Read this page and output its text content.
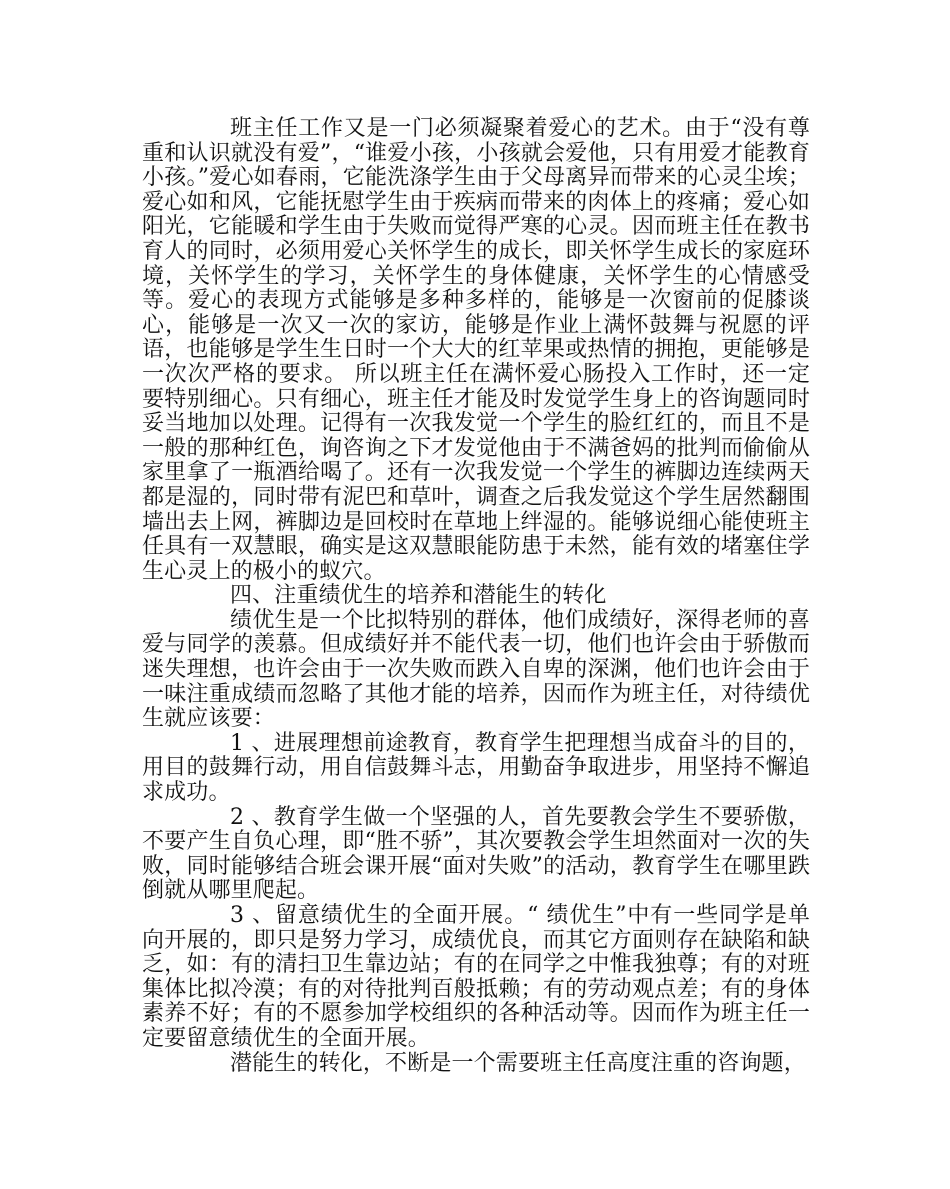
班主任工作又是一门必须凝聚着爱心的艺术。由于“没有尊重和认识就没有爱”，“谁爱小孩，小孩就会爱他，只有用爱才能教育小孩。”爱心如春雨，它能洗涤学生由于父母离异而带来的心灵尘埃；爱心如和风，它能抚慰学生由于疾病而带来的肉体上的疼痛；爱心如阳光，它能暖和学生由于失败而觉得严寒的心灵。因而班主任在教书育人的同时，必须用爱心关怀学生的成长，即关怀学生成长的家庭环境，关怀学生的学习，关怀学生的身体健康，关怀学生的心情感受等。爱心的表现方式能够是多种多样的，能够是一次窗前的促膝谈心，能够是一次又一次的家访，能够是作业上满怀鼓舞与祝愿的评语，也能够是学生生日时一个大大的红苹果或热情的拥抱，更能够是一次次严格的要求。 所以班主任在满怀爱心肠投入工作时，还一定要特别细心。只有细心，班主任才能及时发觉学生身上的咨询题同时妥当地加以处理。记得有一次我发觉一个学生的脸红红的，而且不是一般的那种红色，询咨询之下才发觉他由于不满爸妈的批判而偷偷从家里拿了一瓶酒给喝了。还有一次我发觉一个学生的裤脚边连续两天都是湿的，同时带有泥巴和草叶，调查之后我发觉这个学生居然翻围墙出去上网，裤脚边是回校时在草地上绊湿的。能够说细心能使班主任具有一双慧眼，确实是这双慧眼能防患于未然，能有效的堵塞住学生心灵上的极小的蚁穴。

四、注重绩优生的培养和潜能生的转化

绩优生是一个比拟特别的群体，他们成绩好，深得老师的喜爱与同学的羡慕。但成绩好并不能代表一切，他们也许会由于骄傲而迷失理想，也许会由于一次失败而跌入自卑的深渊，他们也许会由于一味注重成绩而忽略了其他才能的培养，因而作为班主任，对待绩优生就应该要：

1 、进展理想前途教育，教育学生把理想当成奋斗的目的，用目的鼓舞行动，用自信鼓舞斗志，用勤奋争取进步，用坚持不懈追求成功。

2 、教育学生做一个坚强的人，首先要教会学生不要骄傲，不要产生自负心理，即“胜不骄”，其次要教会学生坦然面对一次的失败，同时能够结合班会课开展“面对失败”的活动，教育学生在哪里跌倒就从哪里爬起。

3 、留意绩优生的全面开展。“ 绩优生”中有一些同学是单向开展的，即只是努力学习，成绩优良，而其它方面则存在缺陷和缺乏，如：有的清扫卫生靠边站；有的在同学之中惟我独尊；有的对班集体比拟冷漠；有的对待批判百般抵赖；有的劳动观点差；有的身体素养不好；有的不愿参加学校组织的各种活动等。因而作为班主任一定要留意绩优生的全面开展。

潜能生的转化，不断是一个需要班主任高度注重的咨询题，
